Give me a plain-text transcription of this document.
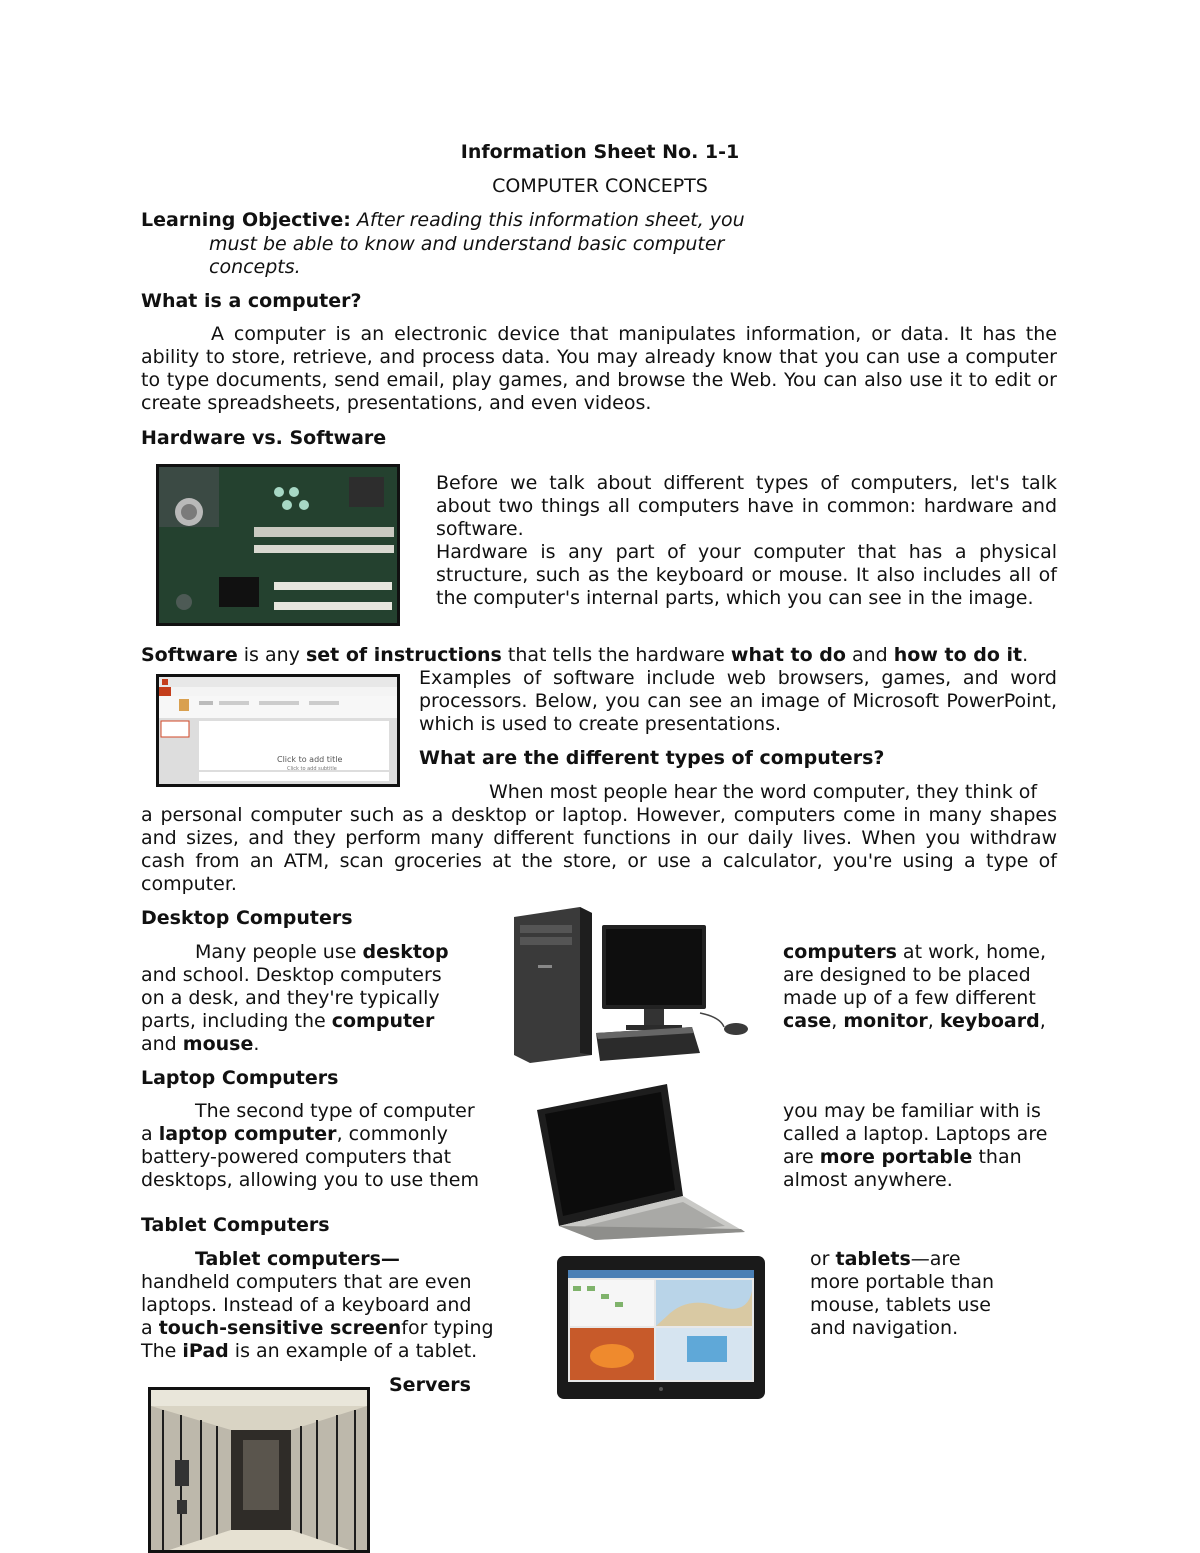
Information Sheet No. 1-1
COMPUTER CONCEPTS
Learning Objective: After reading this information sheet, you
must be able to know and understand basic computer
concepts.
What is a computer?
A computer is an electronic device that manipulates information, or data. It has the ability to store, retrieve, and process data. You may already know that you can use a computer to type documents, send email, play games, and browse the Web. You can also use it to edit or create spreadsheets, presentations, and even videos.
Hardware vs. Software
Before we talk about different types of computers, let's talk about two things all computers have in common: hardware and software.
Hardware is any part of your computer that has a physical structure, such as the keyboard or mouse. It also includes all of the computer's internal parts, which you can see in the image.
Software is any set of instructions that tells the hardware what to do and how to do it.
Click to add title
Click to add subtitle
Examples of software include web browsers, games, and word processors. Below, you can see an image of Microsoft PowerPoint, which is used to create presentations.
What are the different types of computers?
When most people hear the word computer, they think of
a personal computer such as a desktop or laptop. However, computers come in many shapes and sizes, and they perform many different functions in our daily lives. When you withdraw cash from an ATM, scan groceries at the store, or use a calculator, you're using a type of computer.
Desktop Computers
Many people use desktop
and school. Desktop computers
on a desk, and they're typically
parts, including the computer
and mouse.
computers at work, home,
are designed to be placed
made up of a few different
case, monitor, keyboard,
Laptop Computers
The second type of computer
a laptop computer, commonly
battery-powered computers that
desktops, allowing you to use them
you may be familiar with is
called a laptop. Laptops are
are more portable than
almost anywhere.
Tablet Computers
Tablet computers—
handheld computers that are even
laptops. Instead of a keyboard and
a touch-sensitive screenfor typing
The iPad is an example of a tablet.
or tablets—are
more portable than
mouse, tablets use
and navigation.
Servers
